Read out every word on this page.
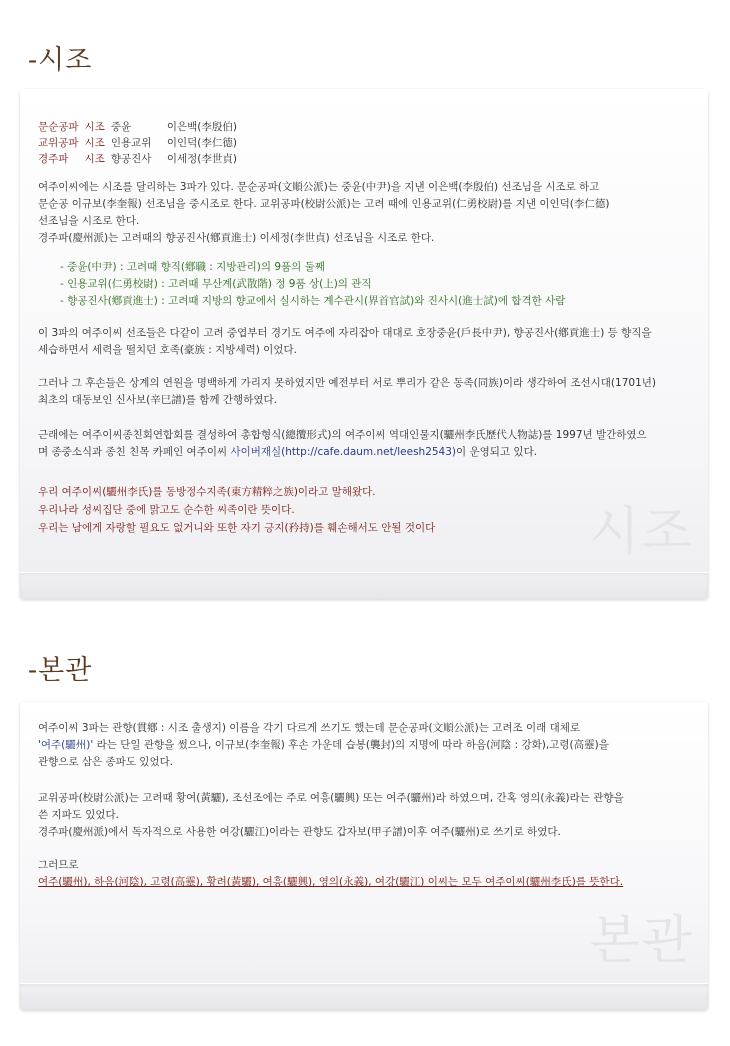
-시조
시조
문순공파	시조	중윤	이은백(李殷伯)
교위공파	시조	인용교위	이인덕(李仁德)
경주파	시조	향공진사	이세정(李世貞)
여주이씨에는 시조를 달리하는 3파가 있다. 문순공파(文順公派)는 중윤(中尹)을 지낸 이은백(李殷伯) 선조님을 시조로 하고
문순공 이규보(李奎報) 선조님을 중시조로 한다. 교위공파(校尉公派)는 고려 때에 인용교위(仁勇校尉)를 지낸 이인덕(李仁德)
선조님을 시조로 한다.
경주파(慶州派)는 고려때의 향공진사(鄕貢進士) 이세정(李世貞) 선조님을 시조로 한다.
- 중윤(中尹) : 고려때 향직(鄕職 : 지방관리)의 9품의 둘째
- 인용교위(仁勇校尉) : 고려때 무산계(武散階) 정 9품 상(上)의 관직
- 향공진사(鄕貢進士) : 고려때 지방의 향교에서 실시하는 계수관시(界首官試)와 진사시(進士試)에 합격한 사람
이 3파의 여주이씨 선조들은 다같이 고려 중엽부터 경기도 여주에 자리잡아 대대로 호장중윤(戶長中尹), 향공진사(鄕貢進士) 등 향직을
세습하면서 세력을 떨치던 호족(豪族 : 지방세력) 이었다.
그러나 그 후손들은 상계의 연원을 명백하게 가리지 못하였지만 예전부터 서로 뿌리가 같은 동족(同族)이라 생각하여 조선시대(1701년)
최초의 대동보인 신사보(辛巳譜)를 함께 간행하였다.
근래에는 여주이씨종친회연합회를 결성하여 총합형식(總攬形式)의 여주이씨 역대인물지(驪州李氏歷代人物誌)를 1997년 발간하였으
며 종중소식과 종친 친목 카페인 여주이씨 사이버재실(http://cafe.daum.net/leesh2543)이 운영되고 있다.
우리 여주이씨(驪州李氏)를 동방정수지족(東方精粹之族)이라고 말해왔다.
우리나라 성씨집단 중에 맑고도 순수한 씨족이란 뜻이다.
우리는 남에게 자랑할 필요도 없거니와 또한 자기 긍지(矜持)를 훼손해서도 안될 것이다
-본관
본관
여주이씨 3파는 관향(貫鄕 : 시조 출생지) 이름을 각기 다르게 쓰기도 했는데 문순공파(文順公派)는 고려조 이래 대체로
'여주(驪州)' 라는 단일 관향을 썼으나, 이규보(李奎報) 후손 가운데 습봉(襲封)의 지명에 따라 하음(河陰 : 강화),고령(高靈)을
관향으로 삼은 종파도 있었다.
교위공파(校尉公派)는 고려때 황여(黃驪), 조선조에는 주로 여흥(驪興) 또는 여주(驪州)라 하였으며, 간혹 영의(永義)라는 관향을
쓴 지파도 있었다.
경주파(慶州派)에서 독자적으로 사용한 여강(驪江)이라는 관향도 갑자보(甲子譜)이후 여주(驪州)로 쓰기로 하였다.
그러므로
여주(驪州), 하음(河陰), 고령(高靈), 황려(黃驪), 여흥(驪興), 영의(永義), 여강(驪江) 이씨는 모두 여주이씨(驪州李氏)를 뜻한다.
